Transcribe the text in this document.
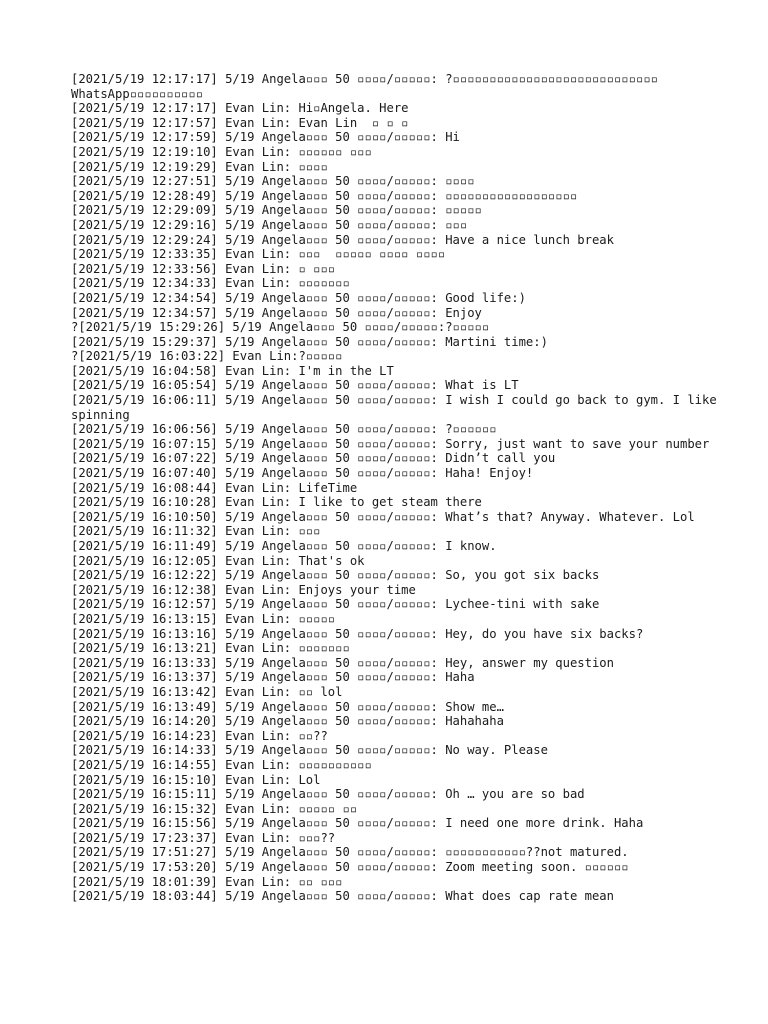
[2021/5/19 12:17:17] 5/19 Angela▫▫▫ 50 ▫▫▫▫/▫▫▫▫▫: ?▫▫▫▫▫▫▫▫▫▫▫▫▫▫▫▫▫▫▫▫▫▫▫▫▫▫▫▫ WhatsApp▫▫▫▫▫▫▫▫▫▫
[2021/5/19 12:17:17] Evan Lin: Hi▫Angela. Here
[2021/5/19 12:17:57] Evan Lin: Evan Lin  ▫ ▫ ▫
[2021/5/19 12:17:59] 5/19 Angela▫▫▫ 50 ▫▫▫▫/▫▫▫▫▫: Hi
[2021/5/19 12:19:10] Evan Lin: ▫▫▫▫▫▫ ▫▫▫
[2021/5/19 12:19:29] Evan Lin: ▫▫▫▫
[2021/5/19 12:27:51] 5/19 Angela▫▫▫ 50 ▫▫▫▫/▫▫▫▫▫: ▫▫▫▫
[2021/5/19 12:28:49] 5/19 Angela▫▫▫ 50 ▫▫▫▫/▫▫▫▫▫: ▫▫▫▫▫▫▫▫▫▫▫▫▫▫▫▫▫▫
[2021/5/19 12:29:09] 5/19 Angela▫▫▫ 50 ▫▫▫▫/▫▫▫▫▫: ▫▫▫▫▫
[2021/5/19 12:29:16] 5/19 Angela▫▫▫ 50 ▫▫▫▫/▫▫▫▫▫: ▫▫▫
[2021/5/19 12:29:24] 5/19 Angela▫▫▫ 50 ▫▫▫▫/▫▫▫▫▫: Have a nice lunch break
[2021/5/19 12:33:35] Evan Lin: ▫▫▫  ▫▫▫▫▫ ▫▫▫▫ ▫▫▫▫
[2021/5/19 12:33:56] Evan Lin: ▫ ▫▫▫
[2021/5/19 12:34:33] Evan Lin: ▫▫▫▫▫▫▫
[2021/5/19 12:34:54] 5/19 Angela▫▫▫ 50 ▫▫▫▫/▫▫▫▫▫: Good life:)
[2021/5/19 12:34:57] 5/19 Angela▫▫▫ 50 ▫▫▫▫/▫▫▫▫▫: Enjoy
?[2021/5/19 15:29:26] 5/19 Angela▫▫▫ 50 ▫▫▫▫/▫▫▫▫▫:?▫▫▫▫▫
[2021/5/19 15:29:37] 5/19 Angela▫▫▫ 50 ▫▫▫▫/▫▫▫▫▫: Martini time:)
?[2021/5/19 16:03:22] Evan Lin:?▫▫▫▫▫
[2021/5/19 16:04:58] Evan Lin: I'm in the LT
[2021/5/19 16:05:54] 5/19 Angela▫▫▫ 50 ▫▫▫▫/▫▫▫▫▫: What is LT
[2021/5/19 16:06:11] 5/19 Angela▫▫▫ 50 ▫▫▫▫/▫▫▫▫▫: I wish I could go back to gym. I like spinning
[2021/5/19 16:06:56] 5/19 Angela▫▫▫ 50 ▫▫▫▫/▫▫▫▫▫: ?▫▫▫▫▫▫
[2021/5/19 16:07:15] 5/19 Angela▫▫▫ 50 ▫▫▫▫/▫▫▫▫▫: Sorry, just want to save your number
[2021/5/19 16:07:22] 5/19 Angela▫▫▫ 50 ▫▫▫▫/▫▫▫▫▫: Didn’t call you
[2021/5/19 16:07:40] 5/19 Angela▫▫▫ 50 ▫▫▫▫/▫▫▫▫▫: Haha! Enjoy!
[2021/5/19 16:08:44] Evan Lin: LifeTime
[2021/5/19 16:10:28] Evan Lin: I like to get steam there
[2021/5/19 16:10:50] 5/19 Angela▫▫▫ 50 ▫▫▫▫/▫▫▫▫▫: What’s that? Anyway. Whatever. Lol
[2021/5/19 16:11:32] Evan Lin: ▫▫▫
[2021/5/19 16:11:49] 5/19 Angela▫▫▫ 50 ▫▫▫▫/▫▫▫▫▫: I know.
[2021/5/19 16:12:05] Evan Lin: That's ok
[2021/5/19 16:12:22] 5/19 Angela▫▫▫ 50 ▫▫▫▫/▫▫▫▫▫: So, you got six backs
[2021/5/19 16:12:38] Evan Lin: Enjoys your time
[2021/5/19 16:12:57] 5/19 Angela▫▫▫ 50 ▫▫▫▫/▫▫▫▫▫: Lychee-tini with sake
[2021/5/19 16:13:15] Evan Lin: ▫▫▫▫▫
[2021/5/19 16:13:16] 5/19 Angela▫▫▫ 50 ▫▫▫▫/▫▫▫▫▫: Hey, do you have six backs?
[2021/5/19 16:13:21] Evan Lin: ▫▫▫▫▫▫▫
[2021/5/19 16:13:33] 5/19 Angela▫▫▫ 50 ▫▫▫▫/▫▫▫▫▫: Hey, answer my question
[2021/5/19 16:13:37] 5/19 Angela▫▫▫ 50 ▫▫▫▫/▫▫▫▫▫: Haha
[2021/5/19 16:13:42] Evan Lin: ▫▫ lol
[2021/5/19 16:13:49] 5/19 Angela▫▫▫ 50 ▫▫▫▫/▫▫▫▫▫: Show me…
[2021/5/19 16:14:20] 5/19 Angela▫▫▫ 50 ▫▫▫▫/▫▫▫▫▫: Hahahaha
[2021/5/19 16:14:23] Evan Lin: ▫▫??
[2021/5/19 16:14:33] 5/19 Angela▫▫▫ 50 ▫▫▫▫/▫▫▫▫▫: No way. Please
[2021/5/19 16:14:55] Evan Lin: ▫▫▫▫▫▫▫▫▫▫
[2021/5/19 16:15:10] Evan Lin: Lol
[2021/5/19 16:15:11] 5/19 Angela▫▫▫ 50 ▫▫▫▫/▫▫▫▫▫: Oh … you are so bad
[2021/5/19 16:15:32] Evan Lin: ▫▫▫▫▫ ▫▫
[2021/5/19 16:15:56] 5/19 Angela▫▫▫ 50 ▫▫▫▫/▫▫▫▫▫: I need one more drink. Haha
[2021/5/19 17:23:37] Evan Lin: ▫▫▫??
[2021/5/19 17:51:27] 5/19 Angela▫▫▫ 50 ▫▫▫▫/▫▫▫▫▫: ▫▫▫▫▫▫▫▫▫▫▫??not matured.
[2021/5/19 17:53:20] 5/19 Angela▫▫▫ 50 ▫▫▫▫/▫▫▫▫▫: Zoom meeting soon. ▫▫▫▫▫▫
[2021/5/19 18:01:39] Evan Lin: ▫▫ ▫▫▫
[2021/5/19 18:03:44] 5/19 Angela▫▫▫ 50 ▫▫▫▫/▫▫▫▫▫: What does cap rate mean
